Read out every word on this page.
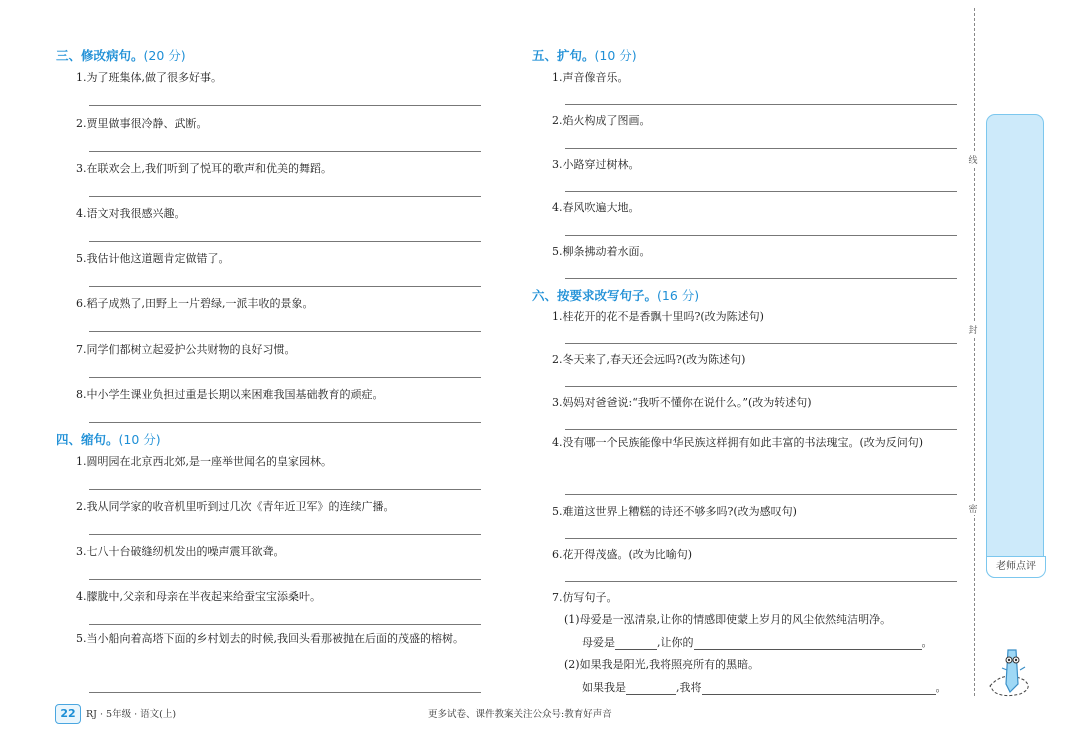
三、修改病句。(20 分)
1.为了班集体,做了很多好事。
2.贾里做事很冷静、武断。
3.在联欢会上,我们听到了悦耳的歌声和优美的舞蹈。
4.语文对我很感兴趣。
5.我估计他这道题肯定做错了。
6.稻子成熟了,田野上一片碧绿,一派丰收的景象。
7.同学们都树立起爱护公共财物的良好习惯。
8.中小学生课业负担过重是长期以来困难我国基础教育的顽症。
四、缩句。(10 分)
1.圆明园在北京西北郊,是一座举世闻名的皇家园林。
2.我从同学家的收音机里听到过几次《青年近卫军》的连续广播。
3.七八十台破缝纫机发出的噪声震耳欲聋。
4.朦胧中,父亲和母亲在半夜起来给蚕宝宝添桑叶。
5.当小船向着高塔下面的乡村划去的时候,我回头看那被抛在后面的茂盛的榕树。
五、扩句。(10 分)
1.声音像音乐。
2.焰火构成了图画。
3.小路穿过树林。
4.春风吹遍大地。
5.柳条拂动着水面。
六、按要求改写句子。(16 分)
1.桂花开的花不是香飘十里吗?(改为陈述句)
2.冬天来了,春天还会远吗?(改为陈述句)
3.妈妈对爸爸说:“我听不懂你在说什么。”(改为转述句)
4.没有哪一个民族能像中华民族这样拥有如此丰富的书法瑰宝。(改为反问句)
5.难道这世界上糟糕的诗还不够多吗?(改为感叹句)
6.花开得茂盛。(改为比喻句)
7.仿写句子。
(1)母爱是一泓清泉,让你的情感即使蒙上岁月的风尘依然纯洁明净。
母爱是	,让你的	。
(2)如果我是阳光,我将照亮所有的黑暗。
如果我是	,我将	。
线
封
密
老师点评
22	RJ · 5年级 · 语文(上)	更多试卷、课件教案关注公众号:教育好声音
